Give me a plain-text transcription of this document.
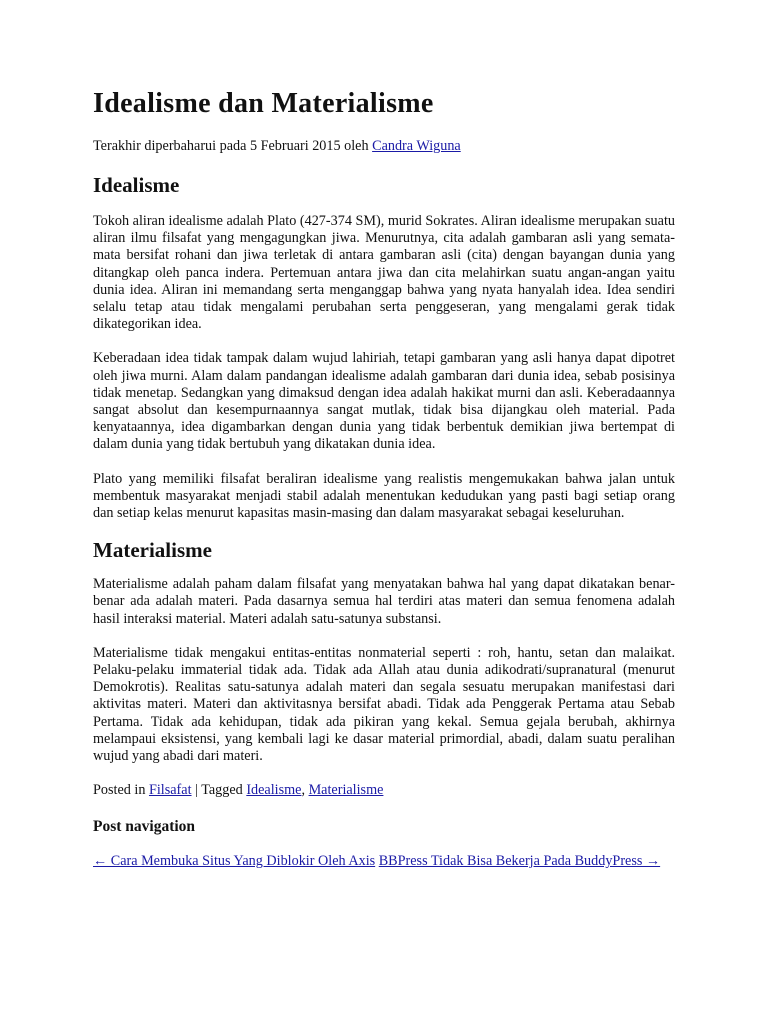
Idealisme dan Materialisme
Terakhir diperbaharui pada 5 Februari 2015 oleh Candra Wiguna
Idealisme

Tokoh aliran idealisme adalah Plato (427-374 SM), murid Sokrates. Aliran idealisme merupakan suatu aliran ilmu filsafat yang mengagungkan jiwa. Menurutnya, cita adalah gambaran asli yang semata-mata bersifat rohani dan jiwa terletak di antara gambaran asli (cita) dengan bayangan dunia yang ditangkap oleh panca indera. Pertemuan antara jiwa dan cita melahirkan suatu angan-angan yaitu dunia idea. Aliran ini memandang serta menganggap bahwa yang nyata hanyalah idea. Idea sendiri selalu tetap atau tidak mengalami perubahan serta penggeseran, yang mengalami gerak tidak dikategorikan idea.

Keberadaan idea tidak tampak dalam wujud lahiriah, tetapi gambaran yang asli hanya dapat dipotret oleh jiwa murni. Alam dalam pandangan idealisme adalah gambaran dari dunia idea, sebab posisinya tidak menetap. Sedangkan yang dimaksud dengan idea adalah hakikat murni dan asli. Keberadaannya sangat absolut dan kesempurnaannya sangat mutlak, tidak bisa dijangkau oleh material. Pada kenyataannya, idea digambarkan dengan dunia yang tidak berbentuk demikian jiwa bertempat di dalam dunia yang tidak bertubuh yang dikatakan dunia idea.

Plato yang memiliki filsafat beraliran idealisme yang realistis mengemukakan bahwa jalan untuk membentuk masyarakat menjadi stabil adalah menentukan kedudukan yang pasti bagi setiap orang dan setiap kelas menurut kapasitas masin-masing dan dalam masyarakat sebagai keseluruhan.

Materialisme

Materialisme adalah paham dalam filsafat yang menyatakan bahwa hal yang dapat dikatakan benar-benar ada adalah materi. Pada dasarnya semua hal terdiri atas materi dan semua fenomena adalah hasil interaksi material. Materi adalah satu-satunya substansi.

Materialisme tidak mengakui entitas-entitas nonmaterial seperti : roh, hantu, setan dan malaikat. Pelaku-pelaku immaterial tidak ada. Tidak ada Allah atau dunia adikodrati/supranatural (menurut Demokrotis). Realitas satu-satunya adalah materi dan segala sesuatu merupakan manifestasi dari aktivitas materi. Materi dan aktivitasnya bersifat abadi. Tidak ada Penggerak Pertama atau Sebab Pertama. Tidak ada kehidupan, tidak ada pikiran yang kekal. Semua gejala berubah, akhirnya melampaui eksistensi, yang kembali lagi ke dasar material primordial, abadi, dalam suatu peralihan wujud yang abadi dari materi.

Posted in Filsafat | Tagged Idealisme, Materialisme
Post navigation
← Cara Membuka Situs Yang Diblokir Oleh Axis BBPress Tidak Bisa Bekerja Pada BuddyPress →
